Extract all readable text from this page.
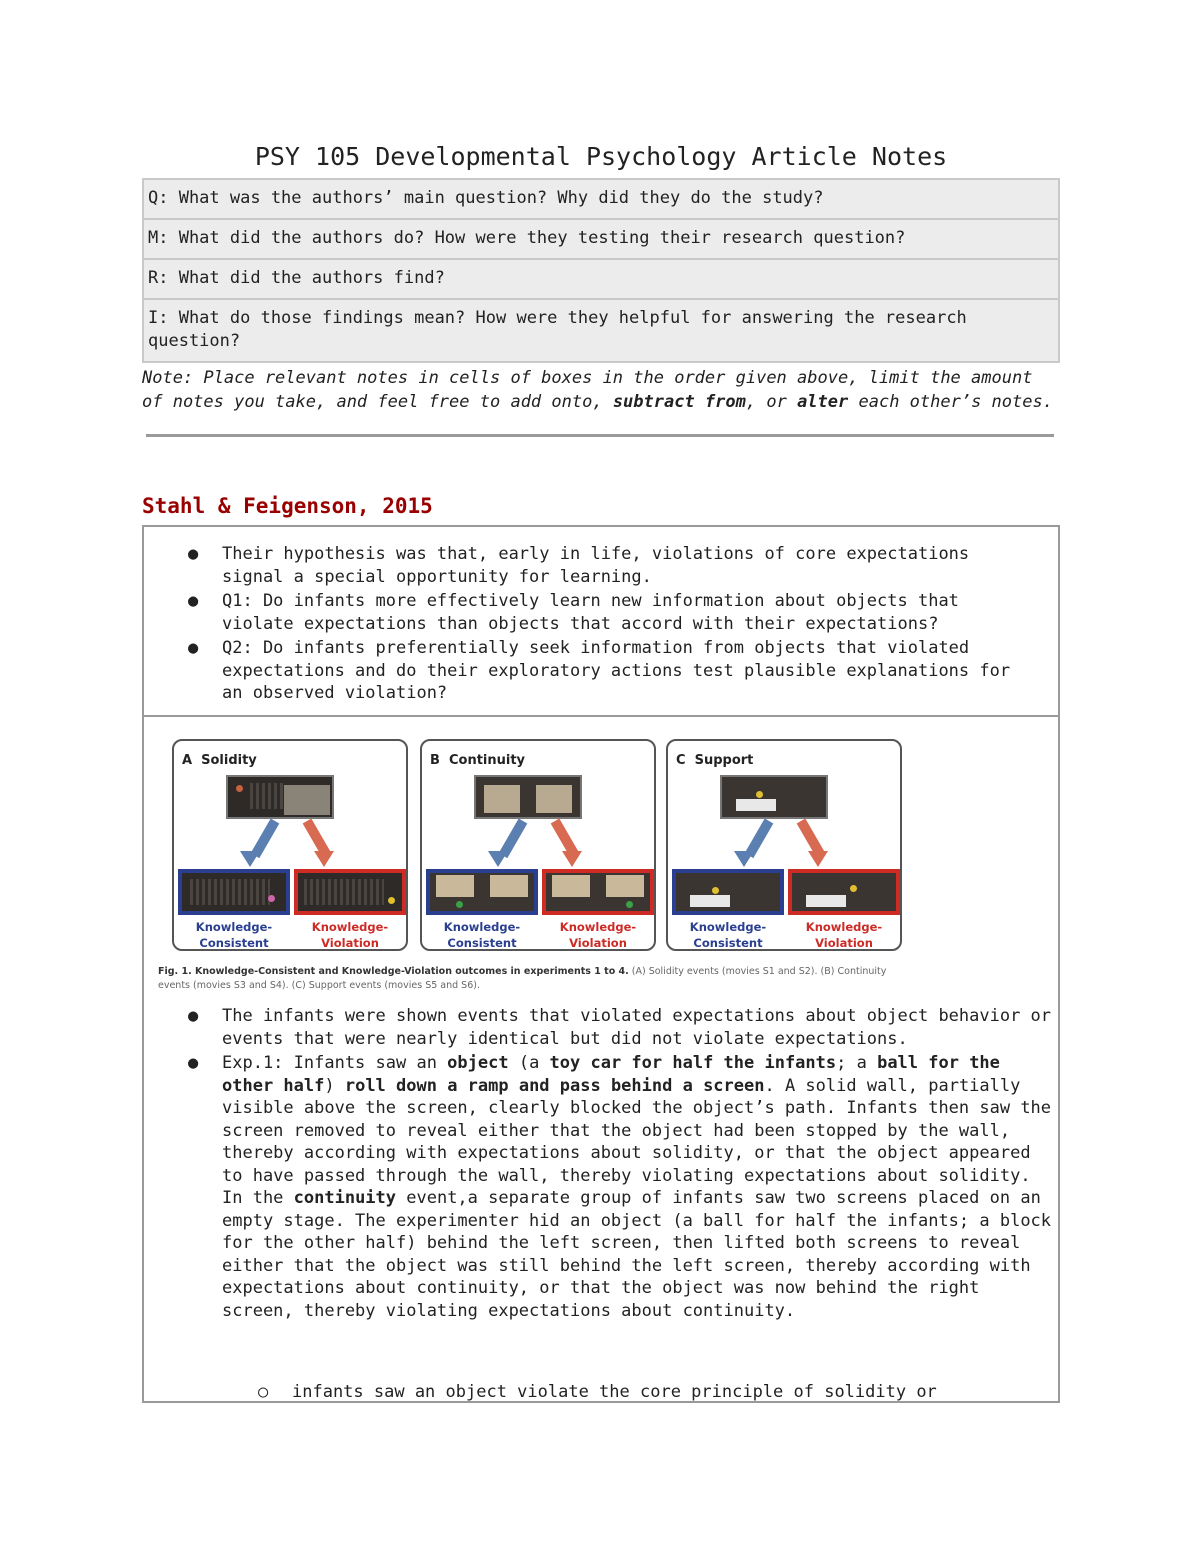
PSY 105 Developmental Psychology Article Notes
Q: What was the authors’ main question? Why did they do the study?
M: What did the authors do? How were they testing their research question?
R: What did the authors find?
I: What do those findings mean? How were they helpful for answering the research question?
Note: Place relevant notes in cells of boxes in the order given above, limit the amount of notes you take, and feel free to add onto, subtract from, or alter each other’s notes.
Stahl & Feigenson, 2015
● Their hypothesis was that, early in life, violations of core expectations signal a special opportunity for learning.
● Q1: Do infants more effectively learn new information about objects that violate expectations than objects that accord with their expectations?
● Q2: Do infants preferentially seek information from objects that violated expectations and do their exploratory actions test plausible explanations for an observed violation?
A Solidity
Knowledge-
Consistent
Knowledge-
Violation
B Continuity
Knowledge-
Consistent
Knowledge-
Violation
C Support
Knowledge-
Consistent
Knowledge-
Violation
Fig. 1. Knowledge-Consistent and Knowledge-Violation outcomes in experiments 1 to 4. (A) Solidity events (movies S1 and S2). (B) Continuity events (movies S3 and S4). (C) Support events (movies S5 and S6).
● The infants were shown events that violated expectations about object behavior or events that were nearly identical but did not violate expectations.
● Exp.1: Infants saw an object (a toy car for half the infants; a ball for the other half) roll down a ramp and pass behind a screen. A solid wall, partially visible above the screen, clearly blocked the object’s path. Infants then saw the screen removed to reveal either that the object had been stopped by the wall, thereby according with expectations about solidity, or that the object appeared to have passed through the wall, thereby violating expectations about solidity. In the continuity event,a separate group of infants saw two screens placed on an empty stage. The experimenter hid an object (a ball for half the infants; a block for the other half) behind the left screen, then lifted both screens to reveal either that the object was still behind the left screen, thereby according with expectations about continuity, or that the object was now behind the right screen, thereby violating expectations about continuity.
○ infants saw an object violate the core principle of solidity or
